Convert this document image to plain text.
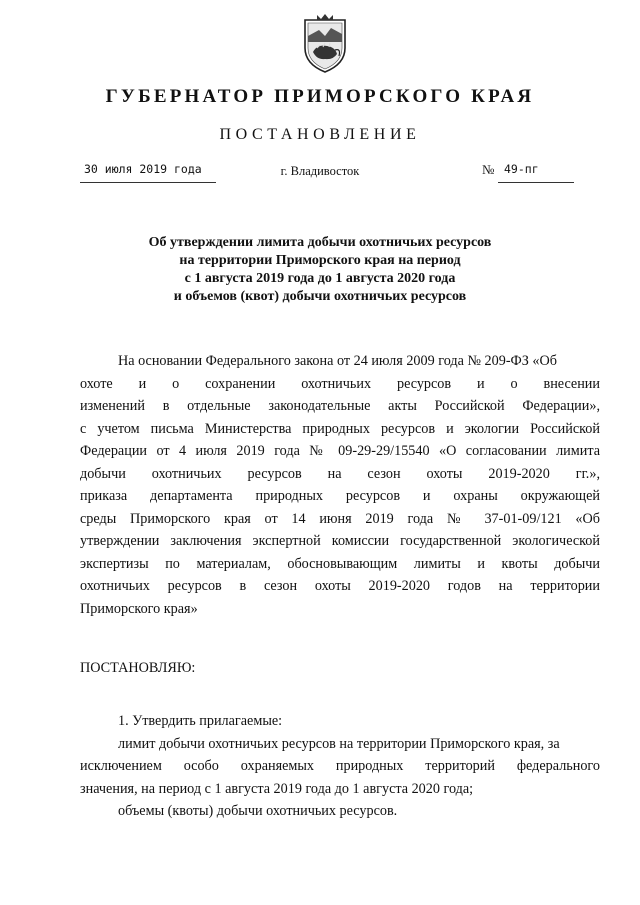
ГУБЕРНАТОР ПРИМОРСКОГО КРАЯ
ПОСТАНОВЛЕНИЕ
30 июля 2019 года	г. Владивосток	№ 49-пг
Об утверждении лимита добычи охотничьих ресурсов
на территории Приморского края на период
с 1 августа 2019 года до 1 августа 2020 года
и объемов (квот) добычи охотничьих ресурсов
На основании Федерального закона от 24 июля 2009 года № 209-ФЗ «Об
охоте и о сохранении охотничьих ресурсов и о внесении
изменений в отдельные законодательные акты Российской Федерации»,
с учетом письма Министерства природных ресурсов и экологии Российской
Федерации от 4 июля 2019 года № 09-29-29/15540 «О согласовании лимита
добычи охотничьих ресурсов на сезон охоты 2019-2020 гг.»,
приказа департамента природных ресурсов и охраны окружающей
среды Приморского края от 14 июня 2019 года № 37-01-09/121 «Об
утверждении заключения экспертной комиссии государственной экологической
экспертизы по материалам, обосновывающим лимиты и квоты добычи
охотничьих ресурсов в сезон охоты 2019-2020 годов на территории
Приморского края»
ПОСТАНОВЛЯЮ:
1. Утвердить прилагаемые:
лимит добычи охотничьих ресурсов на территории Приморского края, за
исключением особо охраняемых природных территорий федерального
значения, на период с 1 августа 2019 года до 1 августа 2020 года;
объемы (квоты) добычи охотничьих ресурсов.
